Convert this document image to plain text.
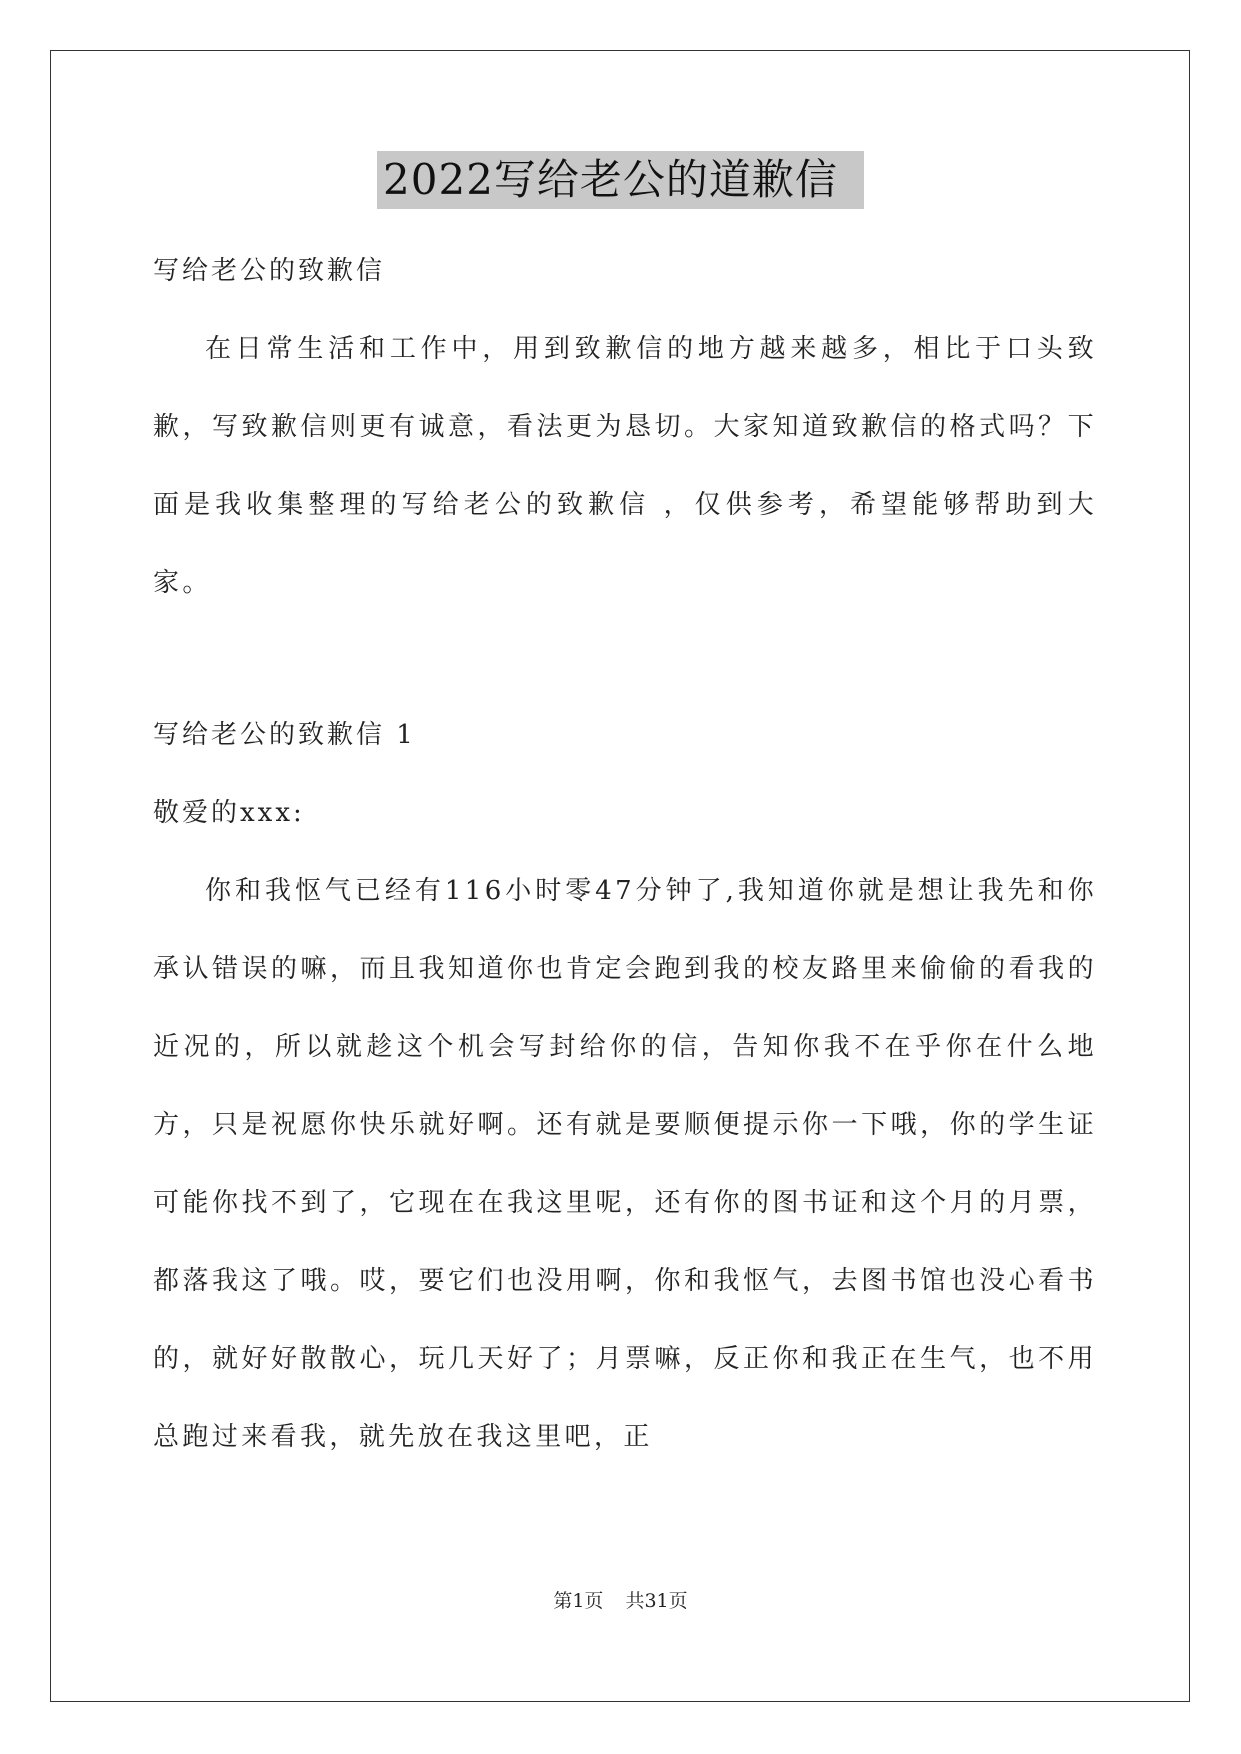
2022写给老公的道歉信

写给老公的致歉信

在日常生活和工作中，用到致歉信的地方越来越多，相比于口头致歉，写致歉信则更有诚意，看法更为恳切。大家知道致歉信的格式吗？下面是我收集整理的写给老公的致歉信 ，仅供参考，希望能够帮助到大家。

写给老公的致歉信 1

敬爱的xxx:

你和我怄气已经有116小时零47分钟了,我知道你就是想让我先和你承认错误的嘛，而且我知道你也肯定会跑到我的校友路里来偷偷的看我的近况的，所以就趁这个机会写封给你的信，告知你我不在乎你在什么地方，只是祝愿你快乐就好啊。还有就是要顺便提示你一下哦，你的学生证可能你找不到了，它现在在我这里呢，还有你的图书证和这个月的月票，都落我这了哦。哎，要它们也没用啊，你和我怄气，去图书馆也没心看书的，就好好散散心，玩几天好了；月票嘛，反正你和我正在生气，也不用总跑过来看我，就先放在我这里吧，正

第1页 共31页
